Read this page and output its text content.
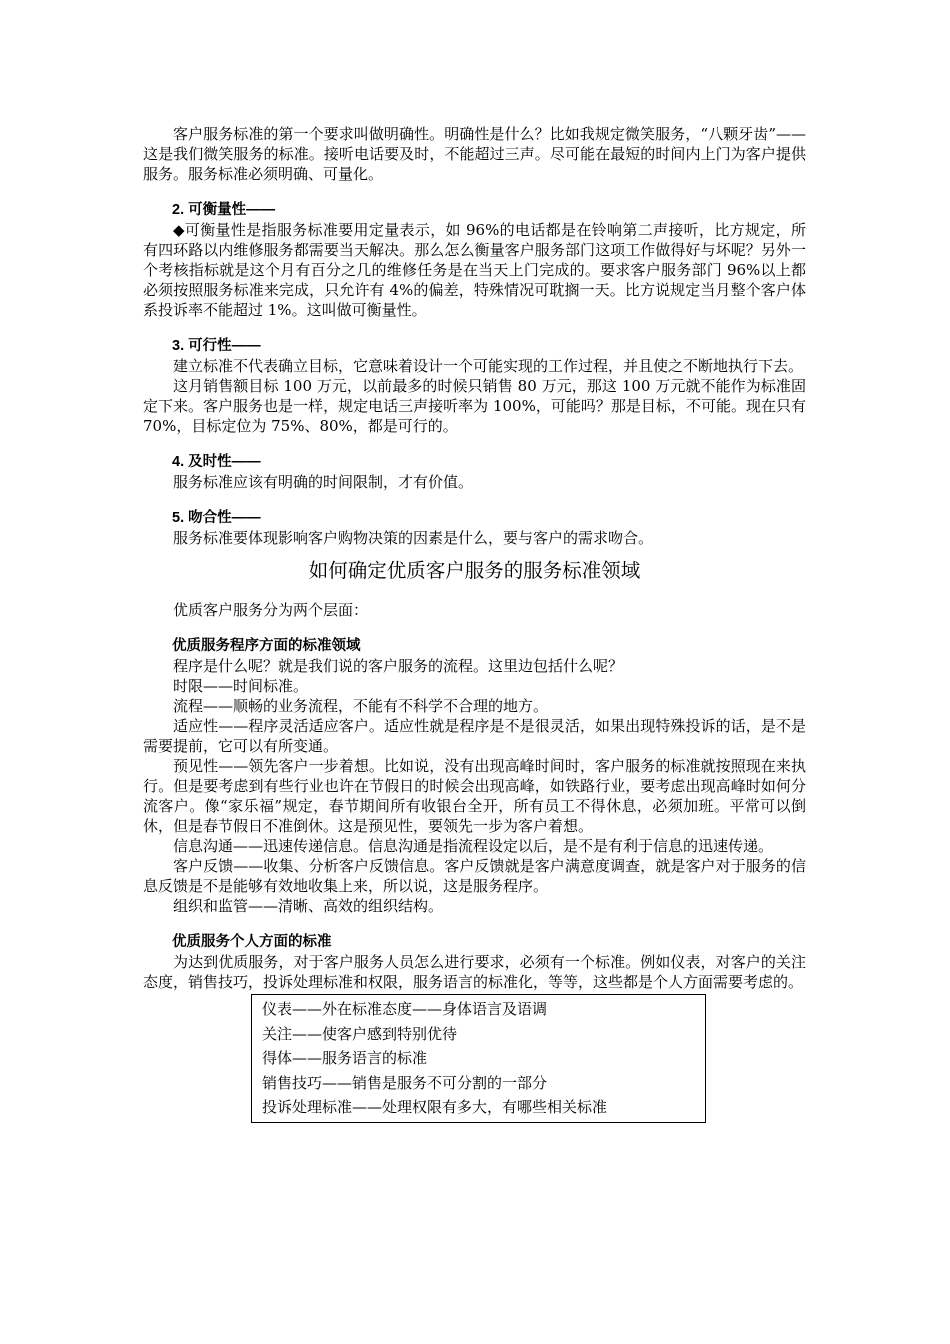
客户服务标准的第一个要求叫做明确性。明确性是什么？比如我规定微笑服务，“八颗牙齿”——这是我们微笑服务的标准。接听电话要及时，不能超过三声。尽可能在最短的时间内上门为客户提供服务。服务标准必须明确、可量化。

2. 可衡量性——

◆可衡量性是指服务标准要用定量表示，如 96%的电话都是在铃响第二声接听，比方规定，所有四环路以内维修服务都需要当天解决。那么怎么衡量客户服务部门这项工作做得好与坏呢？另外一个考核指标就是这个月有百分之几的维修任务是在当天上门完成的。要求客户服务部门 96%以上都必须按照服务标准来完成，只允许有 4%的偏差，特殊情况可耽搁一天。比方说规定当月整个客户体系投诉率不能超过 1%。这叫做可衡量性。

3. 可行性——

建立标准不代表确立目标，它意味着设计一个可能实现的工作过程，并且使之不断地执行下去。

这月销售额目标 100 万元，以前最多的时候只销售 80 万元，那这 100 万元就不能作为标准固定下来。客户服务也是一样，规定电话三声接听率为 100%，可能吗？那是目标，不可能。现在只有 70%，目标定位为 75%、80%，都是可行的。

4. 及时性——

服务标准应该有明确的时间限制，才有价值。

5. 吻合性——

服务标准要体现影响客户购物决策的因素是什么，要与客户的需求吻合。

如何确定优质客户服务的服务标准领域

优质客户服务分为两个层面：

优质服务程序方面的标准领域

程序是什么呢？就是我们说的客户服务的流程。这里边包括什么呢？

时限——时间标准。

流程——顺畅的业务流程，不能有不科学不合理的地方。

适应性——程序灵活适应客户。适应性就是程序是不是很灵活，如果出现特殊投诉的话，是不是需要提前，它可以有所变通。

预见性——领先客户一步着想。比如说，没有出现高峰时间时，客户服务的标准就按照现在来执行。但是要考虑到有些行业也许在节假日的时候会出现高峰，如铁路行业，要考虑出现高峰时如何分流客户。像“家乐福”规定，春节期间所有收银台全开，所有员工不得休息，必须加班。平常可以倒休，但是春节假日不准倒休。这是预见性，要领先一步为客户着想。

信息沟通——迅速传递信息。信息沟通是指流程设定以后，是不是有利于信息的迅速传递。

客户反馈——收集、分析客户反馈信息。客户反馈就是客户满意度调查，就是客户对于服务的信息反馈是不是能够有效地收集上来，所以说，这是服务程序。

组织和监管——清晰、高效的组织结构。

优质服务个人方面的标准

为达到优质服务，对于客户服务人员怎么进行要求，必须有一个标准。例如仪表，对客户的关注态度，销售技巧，投诉处理标准和权限，服务语言的标准化，等等，这些都是个人方面需要考虑的。

仪表——外在标准态度——身体语言及语调
关注——使客户感到特别优待
得体——服务语言的标准
销售技巧——销售是服务不可分割的一部分
投诉处理标准——处理权限有多大，有哪些相关标准
